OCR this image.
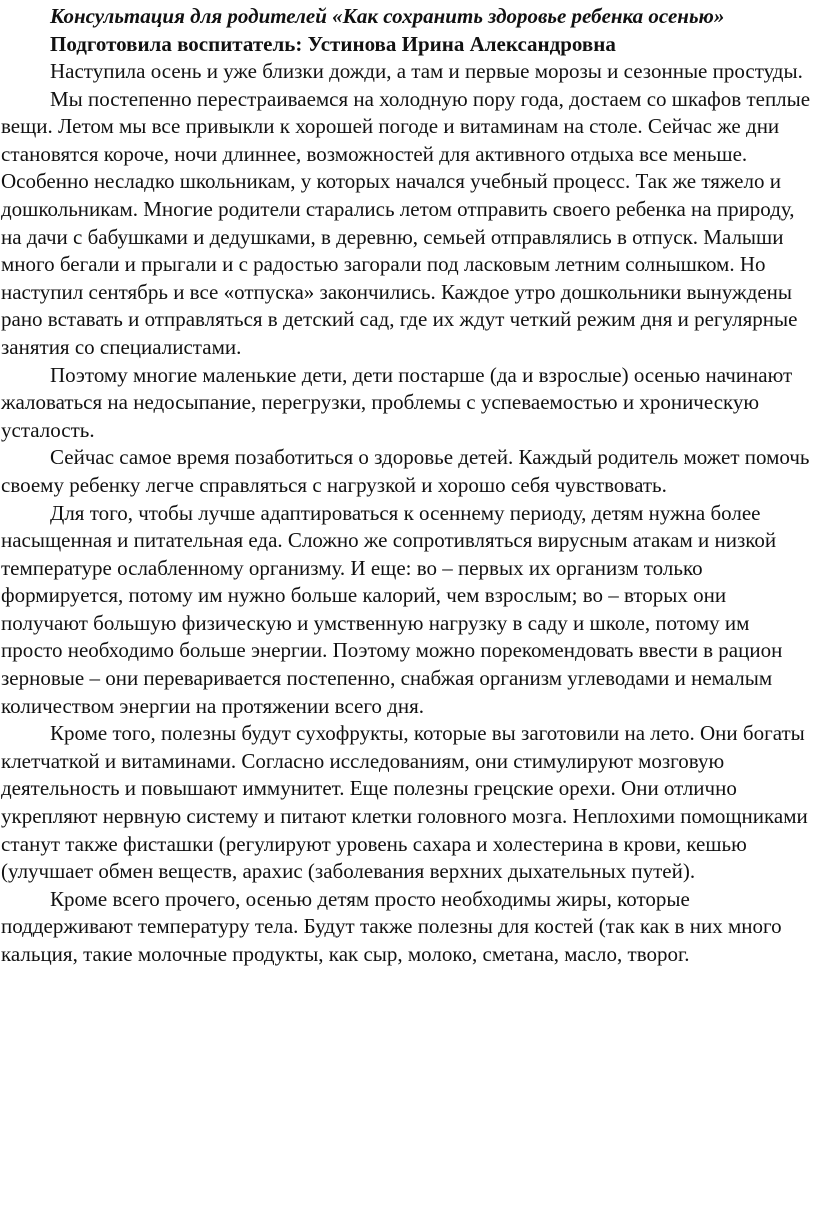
Консультация для родителей «Как сохранить здоровье ребенка осенью»

Подготовила воспитатель: Устинова Ирина Александровна

Наступила осень и уже близки дожди, а там и первые морозы и сезонные простуды.

Мы постепенно перестраиваемся на холодную пору года, достаем со шкафов теплые вещи. Летом мы все привыкли к хорошей погоде и витаминам на столе. Сейчас же дни становятся короче, ночи длиннее, возможностей для активного отдыха все меньше. Особенно несладко школьникам, у которых начался учебный процесс. Так же тяжело и дошкольникам. Многие родители старались летом отправить своего ребенка на природу, на дачи с бабушками и дедушками, в деревню, семьей отправлялись в отпуск. Малыши много бегали и прыгали и с радостью загорали под ласковым летним солнышком. Но наступил сентябрь и все «отпуска» закончились. Каждое утро дошкольники вынуждены рано вставать и отправляться в детский сад, где их ждут четкий режим дня и регулярные занятия со специалистами.

Поэтому многие маленькие дети, дети постарше (да и взрослые) осенью начинают жаловаться на недосыпание, перегрузки, проблемы с успеваемостью и хроническую усталость.

Сейчас самое время позаботиться о здоровье детей. Каждый родитель может помочь своему ребенку легче справляться с нагрузкой и хорошо себя чувствовать.

Для того, чтобы лучше адаптироваться к осеннему периоду, детям нужна более насыщенная и питательная еда. Сложно же сопротивляться вирусным атакам и низкой температуре ослабленному организму. И еще: во – первых их организм только формируется, потому им нужно больше калорий, чем взрослым; во – вторых они получают большую физическую и умственную нагрузку в саду и школе, потому им просто необходимо больше энергии. Поэтому можно порекомендовать ввести в рацион зерновые – они переваривается постепенно, снабжая организм углеводами и немалым количеством энергии на протяжении всего дня.

Кроме того, полезны будут сухофрукты, которые вы заготовили на лето. Они богаты клетчаткой и витаминами. Согласно исследованиям, они стимулируют мозговую деятельность и повышают иммунитет. Еще полезны грецские орехи. Они отлично укрепляют нервную систему и питают клетки головного мозга. Неплохими помощниками станут также фисташки (регулируют уровень сахара и холестерина в крови, кешью (улучшает обмен веществ, арахис (заболевания верхних дыхательных путей).

Кроме всего прочего, осенью детям просто необходимы жиры, которые поддерживают температуру тела. Будут также полезны для костей (так как в них много кальция, такие молочные продукты, как сыр, молоко, сметана, масло, творог.
